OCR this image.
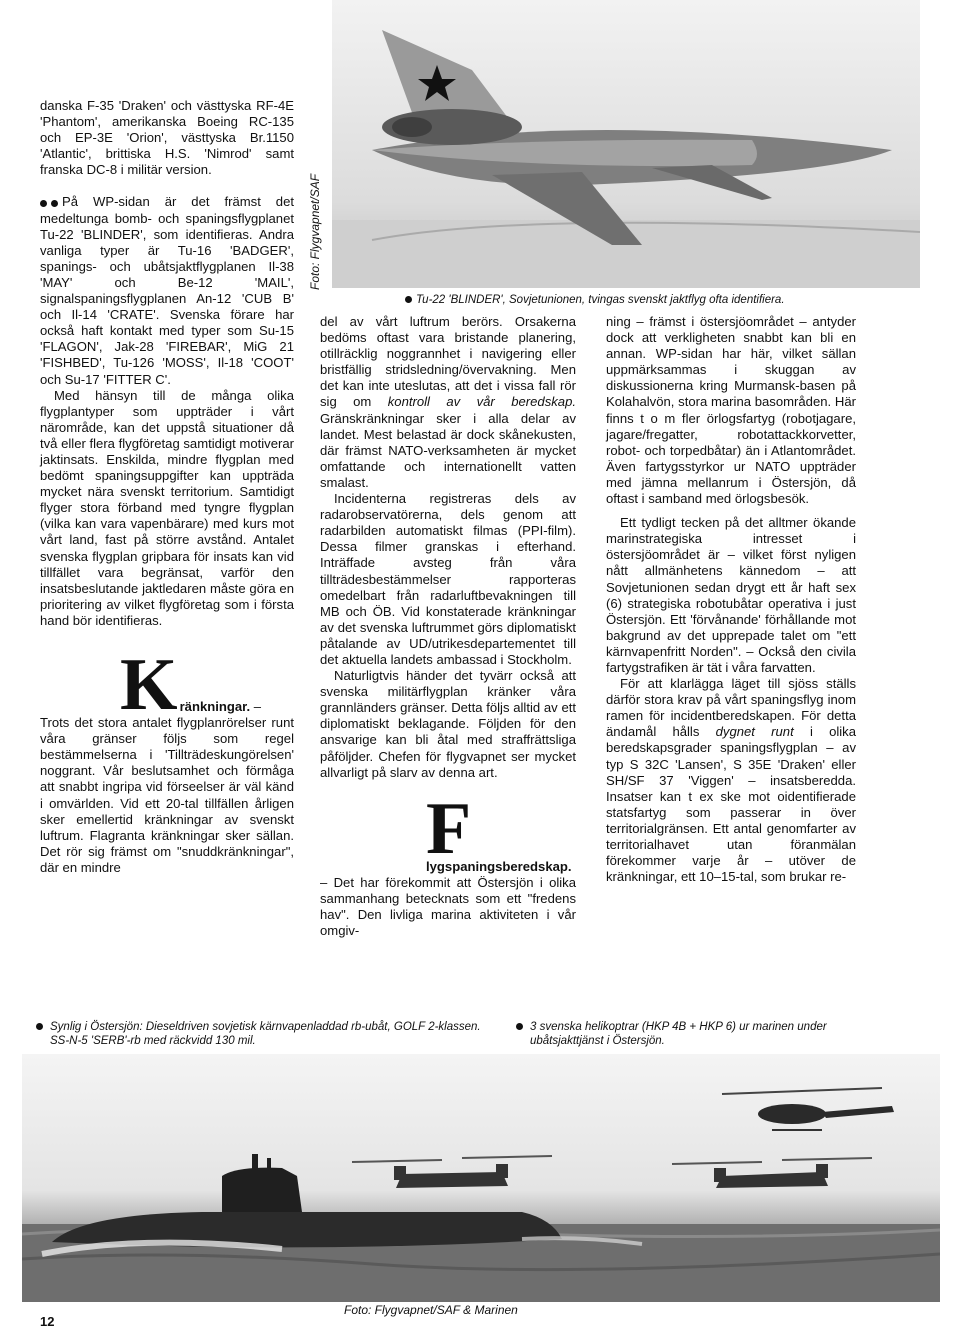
Foto: Flygvapnet/SAF
Tu-22 'BLINDER', Sovjetunionen, tvingas svenskt jaktflyg ofta identifiera.

danska F-35 'Draken' och västtyska RF-4E 'Phantom', amerikanska Boeing RC-135 och EP-3E 'Orion', västtyska Br.1150 'Atlantic', brittiska H.S. 'Nimrod' samt franska DC-8 i militär version.

På WP-sidan är det främst det medeltunga bomb- och spaningsflygplanet Tu-22 'BLINDER', som identifieras. Andra vanliga typer är Tu-16 'BADGER', spanings- och ubåtsjaktflygplanen Il-38 'MAY' och Be-12 'MAIL', signalspaningsflygplanen An-12 'CUB B' och Il-14 'CRATE'. Svenska förare har också haft kontakt med typer som Su-15 'FLAGON', Jak-28 'FIREBAR', MiG 21 'FISHBED', Tu-126 'MOSS', Il-18 'COOT' och Su-17 'FITTER C'.

Med hänsyn till de många olika flygplantyper som uppträder i vårt närområde, kan det uppstå situationer då två eller flera flygföretag samtidigt motiverar jaktinsats. Enskilda, mindre flygplan med bedömt spaningsuppgifter kan uppträda mycket nära svenskt territorium. Samtidigt flyger stora förband med tyngre flygplan (vilka kan vara vapenbärare) med kurs mot vårt land, fast på större avstånd. Antalet svenska flygplan gripbara för insats kan vid tillfället vara begränsat, varför den insatsbeslutande jaktledaren måste göra en prioritering av vilket flygföretag som i första hand bör identifieras.

K ränkningar. –

Trots det stora antalet flygplanrörelser runt våra gränser följs som regel bestämmelserna i 'Tillträdeskungörelsen' noggrant. Vår beslutsamhet och förmåga att snabbt ingripa vid förseelser är väl känd i omvärlden. Vid ett 20-tal tillfällen årligen sker emellertid kränkningar av svenskt luftrum. Flagranta kränkningar sker sällan. Det rör sig främst om "snuddkränkningar", där en mindre

del av vårt luftrum berörs. Orsakerna bedöms oftast vara bristande planering, otillräcklig noggrannhet i navigering eller bristfällig stridsledning/övervakning. Men det kan inte uteslutas, att det i vissa fall rör sig om kontroll av vår beredskap. Gränskränkningar sker i alla delar av landet. Mest belastad är dock skånekusten, där främst NATO-verksamheten är mycket omfattande och internationellt vatten smalast.

Incidenterna registreras dels av radarobservatörerna, dels genom att radarbilden automatiskt filmas (PPI-film). Dessa filmer granskas i efterhand. Inträffade avsteg från våra tillträdesbestämmelser rapporteras omedelbart från radarluftbevakningen till MB och ÖB. Vid konstaterade kränkningar av det svenska luftrummet görs diplomatiskt påtalande av UD/utrikesdepartementet till det aktuella landets ambassad i Stockholm.

Naturligtvis händer det tyvärr också att svenska militärflygplan kränker våra grannländers gränser. Detta följs alltid av ett diplomatiskt beklagande. Följden för den ansvarige kan bli åtal med straffrättsliga påföljder. Chefen för flygvapnet ser mycket allvarligt på slarv av denna art.

F
lygspaningsberedskap.

– Det har förekommit att Östersjön i olika sammanhang betecknats som ett "fredens hav". Den livliga marina aktiviteten i vår omgiv-

ning – främst i östersjöområdet – antyder dock att verkligheten snabbt kan bli en annan. WP-sidan har här, vilket sällan uppmärksammas i skuggan av diskussionerna kring Murmansk-basen på Kolahalvön, stora marina basområden. Här finns t o m fler örlogsfartyg (robotjagare, jagare/fregatter, robotattackkorvetter, robot- och torpedbåtar) än i Atlantområdet. Även fartygsstyrkor ur NATO uppträder med jämna mellanrum i Östersjön, då oftast i samband med örlogsbesök.

Ett tydligt tecken på det alltmer ökande marinstrategiska intresset i östersjöområdet är – vilket först nyligen nått allmänhetens kännedom – att Sovjetunionen sedan drygt ett år haft sex (6) strategiska robotubåtar operativa i just Östersjön. Ett 'förvånande' förhållande mot bakgrund av det upprepade talet om "ett kärnvapenfritt Norden". – Också den civila fartygstrafiken är tät i våra farvatten.

För att klarlägga läget till sjöss ställs därför stora krav på vårt spaningsflyg inom ramen för incidentberedskapen. För detta ändamål hålls dygnet runt i olika beredskapsgrader spaningsflygplan – av typ S 32C 'Lansen', S 35E 'Draken' eller SH/SF 37 'Viggen' – insatsberedda. Insatser kan t ex ske mot oidentifierade statsfartyg som passerar in över territorialgränsen. Ett antal genomfarter av territorialhavet utan föranmälan förekommer varje år – utöver de kränkningar, ett 10–15-tal, som brukar re-

Synlig i Östersjön: Dieseldriven sovjetisk kärnvapenladdad rb-ubåt, GOLF 2-klassen. SS-N-5 'SERB'-rb med räckvidd 130 mil.
3 svenska helikoptrar (HKP 4B + HKP 6) ur marinen under ubåtsjakttjänst i Östersjön.
12
Foto: Flygvapnet/SAF & Marinen
